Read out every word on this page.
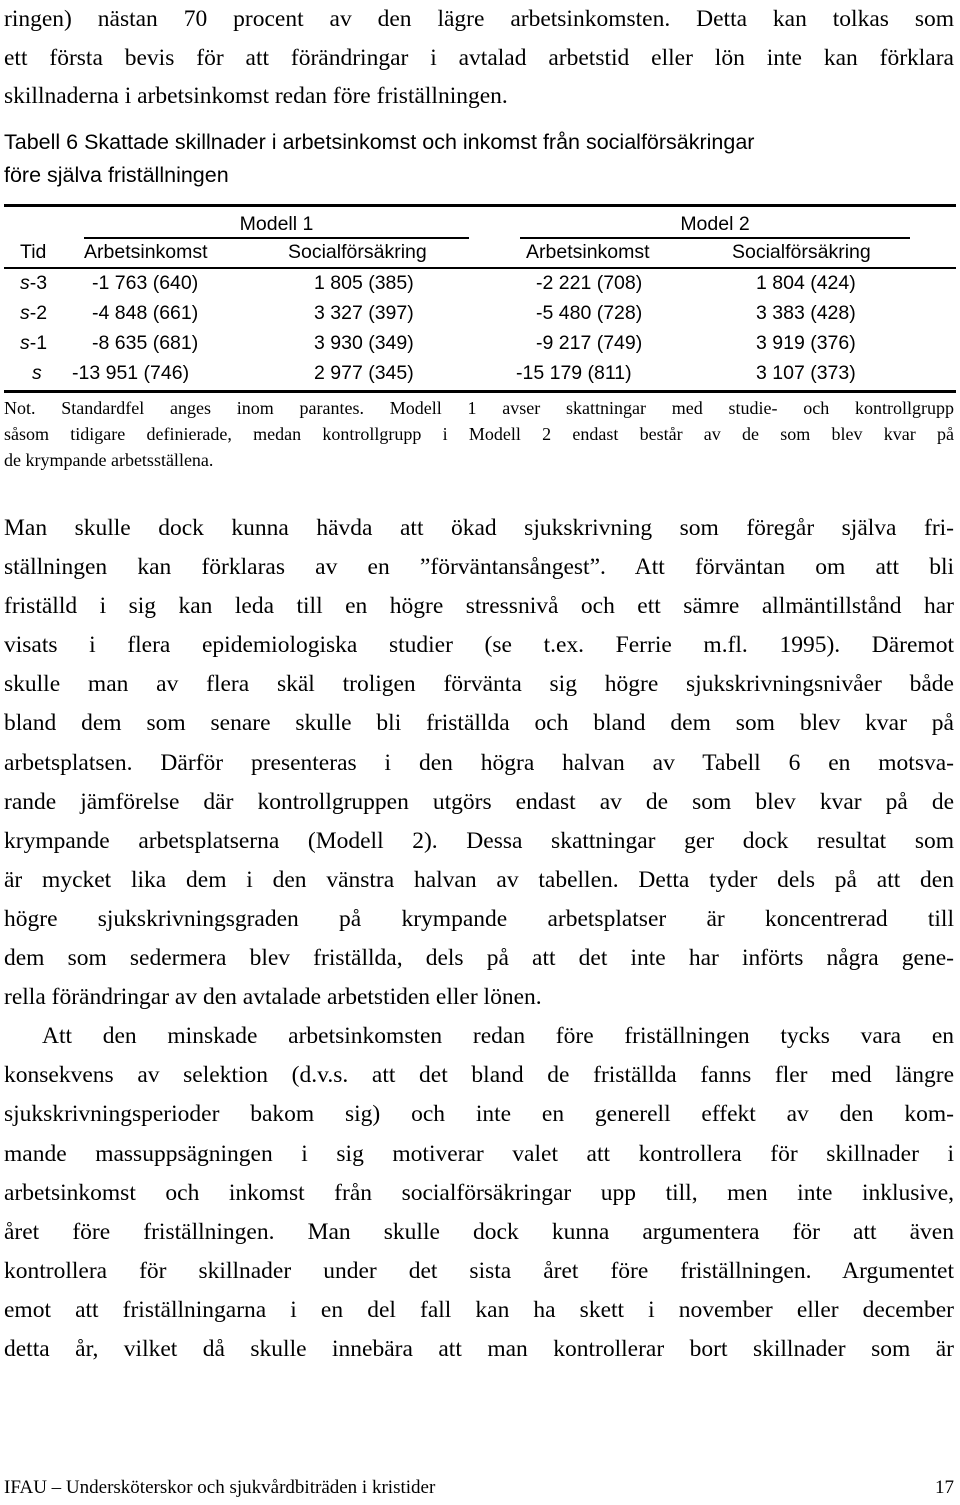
ringen) nästan 70 procent av den lägre arbetsinkomsten. Detta kan tolkas som
ett första bevis för att förändringar i avtalad arbetstid eller lön inte kan förklara
skillnaderna i arbetsinkomst redan före friställningen.
Tabell 6 Skattade skillnader i arbetsinkomst och inkomst från socialförsäkringar
före själva friställningen
Modell 1	Model 2
Tid	Arbetsinkomst	Socialförsäkring	Arbetsinkomst	Socialförsäkring
s-3 -1 763 (640)	1 805 (385)	-2 221 (708)	1 804 (424)
s-2 -4 848 (661)	3 327 (397)	-5 480 (728)	3 383 (428)
s-1 -8 635 (681)	3 930 (349)	-9 217 (749)	3 919 (376)
s -13 951 (746)	2 977 (345)	-15 179 (811)	3 107 (373)
Not. Standardfel anges inom parantes. Modell 1 avser skattningar med studie- och kontrollgrupp
såsom tidigare definierade, medan kontrollgrupp i Modell 2 endast består av de som blev kvar på
de krympande arbetsställena.
Man skulle dock kunna hävda att ökad sjukskrivning som föregår själva fri-
ställningen kan förklaras av en ”förväntansångest”. Att förväntan om att bli
friställd i sig kan leda till en högre stressnivå och ett sämre allmäntillstånd har
visats i flera epidemiologiska studier (se t.ex. Ferrie m.fl. 1995). Däremot
skulle man av flera skäl troligen förvänta sig högre sjukskrivningsnivåer både
bland dem som senare skulle bli friställda och bland dem som blev kvar på
arbetsplatsen. Därför presenteras i den högra halvan av Tabell 6 en motsva-
rande jämförelse där kontrollgruppen utgörs endast av de som blev kvar på de
krympande arbetsplatserna (Modell 2). Dessa skattningar ger dock resultat som
är mycket lika dem i den vänstra halvan av tabellen. Detta tyder dels på att den
högre sjukskrivningsgraden på krympande arbetsplatser är koncentrerad till
dem som sedermera blev friställda, dels på att det inte har införts några gene-
rella förändringar av den avtalade arbetstiden eller lönen.
Att den minskade arbetsinkomsten redan före friställningen tycks vara en
konsekvens av selektion (d.v.s. att det bland de friställda fanns fler med längre
sjukskrivningsperioder bakom sig) och inte en generell effekt av den kom-
mande massuppsägningen i sig motiverar valet att kontrollera för skillnader i
arbetsinkomst och inkomst från socialförsäkringar upp till, men inte inklusive,
året före friställningen. Man skulle dock kunna argumentera för att även
kontrollera för skillnader under det sista året före friställningen. Argumentet
emot att friställningarna i en del fall kan ha skett i november eller december
detta år, vilket då skulle innebära att man kontrollerar bort skillnader som är
IFAU – Undersköterskor och sjukvårdbiträden i kristider	17
